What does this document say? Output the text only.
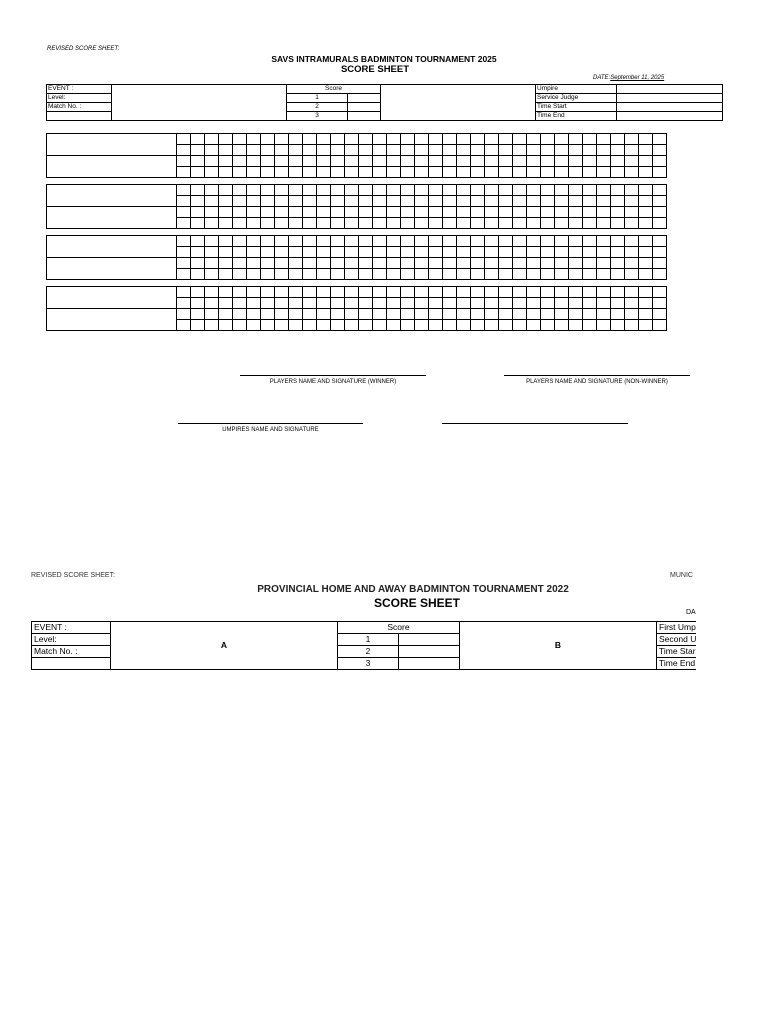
REVISED SCORE SHEET:
SAVS INTRAMURALS BADMINTON TOURNAMENT 2025
SCORE SHEET
DATE:September 11, 2025
EVENT :		Score			Umpire	
Level:		1			Service Judge	
Match No. :		2			Time Start	
		3			Time End	

PLAYERS NAME AND SIGNATURE (WINNER)	PLAYERS NAME AND SIGNATURE (NON-WINNER)
UMPIRES NAME AND SIGNATURE
REVISED SCORE SHEET:	MUNIC
PROVINCIAL HOME AND AWAY BADMINTON TOURNAMENT 2022
SCORE SHEET
DA
EVENT :	A	Score		B	First Ump
Level:		1			Second U
Match No. :		2			Time Star
		3			Time End
